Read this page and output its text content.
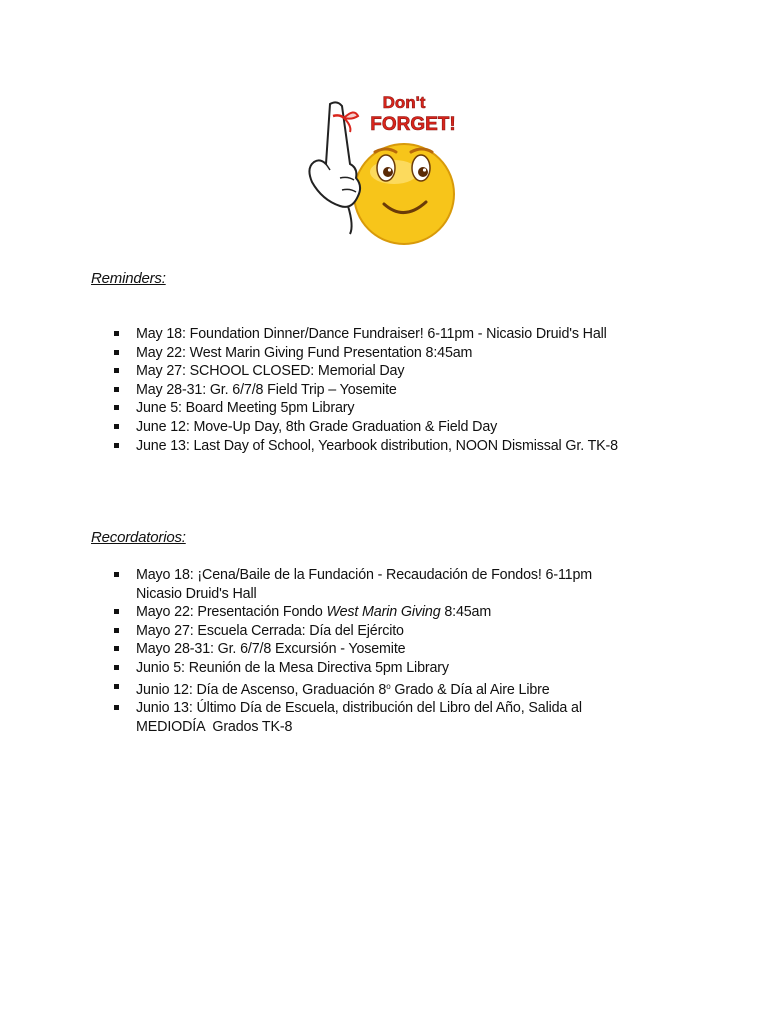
Don't
FORGET!
Reminders:
May 18: Foundation Dinner/Dance Fundraiser! 6-11pm - Nicasio Druid's Hall
May 22: West Marin Giving Fund Presentation 8:45am
May 27: SCHOOL CLOSED: Memorial Day
May 28-31: Gr. 6/7/8 Field Trip – Yosemite
June 5: Board Meeting 5pm Library
June 12: Move-Up Day, 8th Grade Graduation & Field Day
June 13: Last Day of School, Yearbook distribution, NOON Dismissal Gr. TK-8
Recordatorios:
Mayo 18: ¡Cena/Baile de la Fundación - Recaudación de Fondos! 6-11pm
Nicasio Druid's Hall
Mayo 22: Presentación Fondo West Marin Giving 8:45am
Mayo 27: Escuela Cerrada: Día del Ejército
Mayo 28-31: Gr. 6/7/8 Excursión - Yosemite
Junio 5: Reunión de la Mesa Directiva 5pm Library
Junio 12: Día de Ascenso, Graduación 8$^o$ Grado & Día al Aire Libre
Junio 13: Último Día de Escuela, distribución del Libro del Año, Salida al
MEDIODÍA  Grados TK-8
